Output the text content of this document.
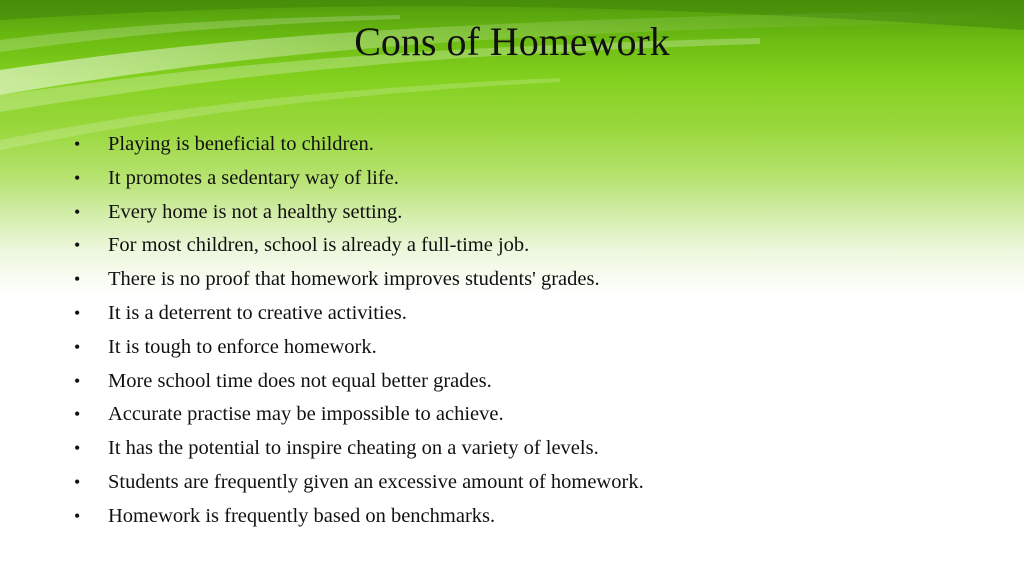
Cons of Homework
•	Playing is beneficial to children.
•	It promotes a sedentary way of life.
•	Every home is not a healthy setting.
•	For most children, school is already a full-time job.
•	There is no proof that homework improves students' grades.
•	It is a deterrent to creative activities.
•	It is tough to enforce homework.
•	More school time does not equal better grades.
•	Accurate practise may be impossible to achieve.
•	It has the potential to inspire cheating on a variety of levels.
•	Students are frequently given an excessive amount of homework.
•	Homework is frequently based on benchmarks.
